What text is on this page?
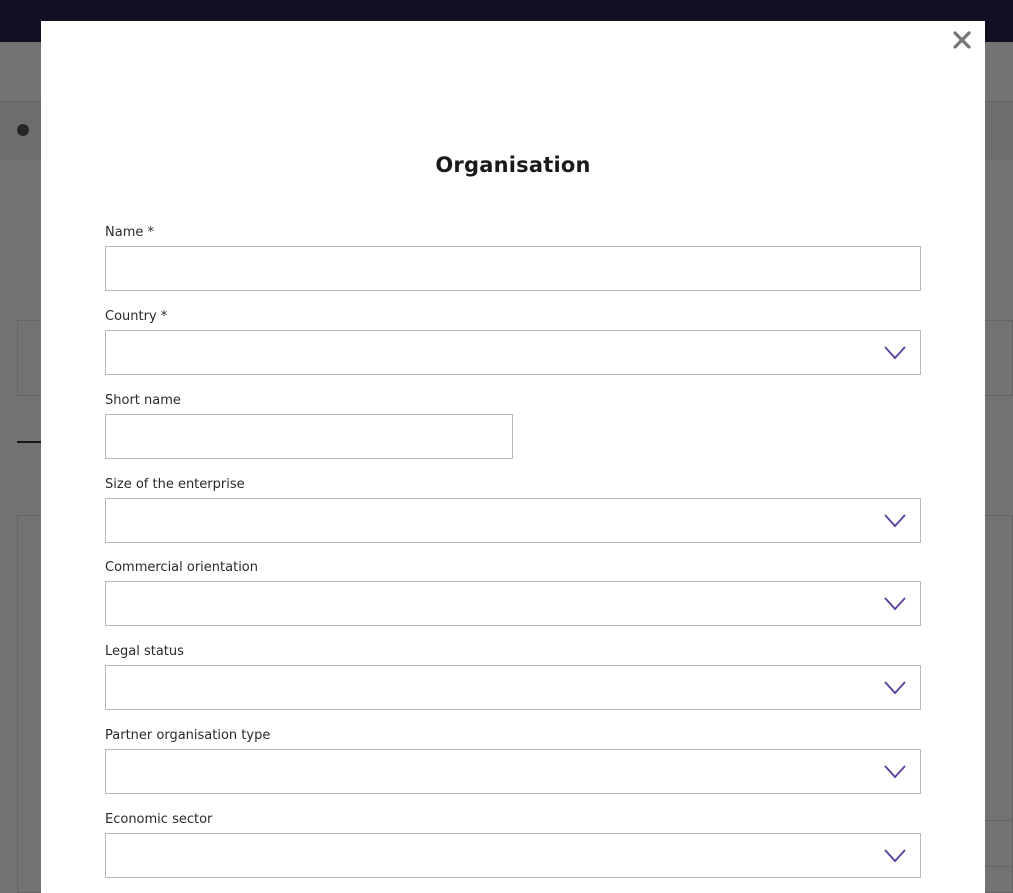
Organisation
Name *
Country *
Short name
Size of the enterprise
Commercial orientation
Legal status
Partner organisation type
Economic sector
